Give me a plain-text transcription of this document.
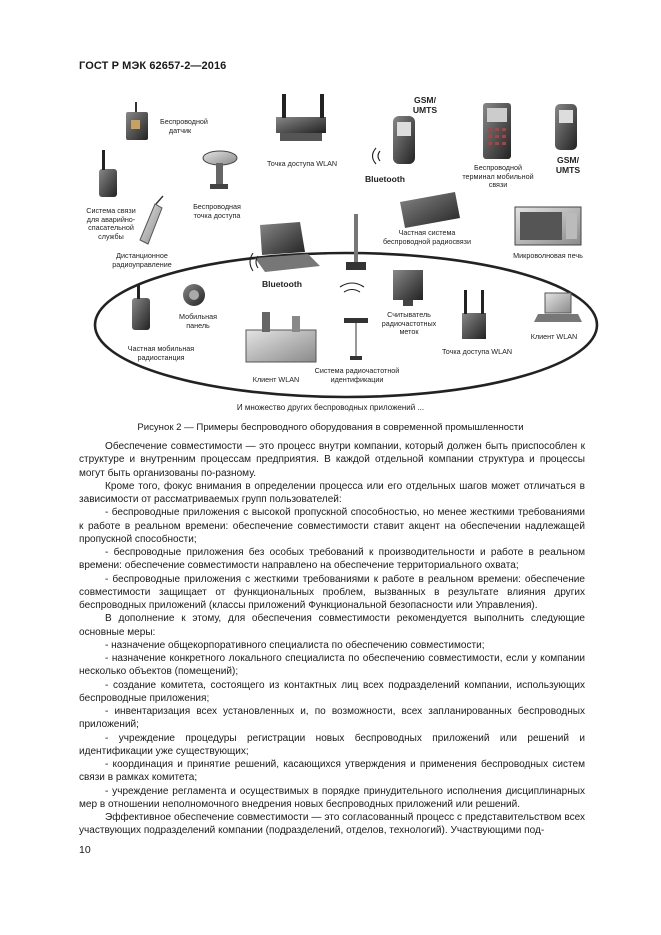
ГОСТ Р МЭК 62657-2—2016
Беспроводной датчик
Точка доступа WLAN
GSM/ UMTS
Bluetooth
Беспроводной терминал мобильной связи
GSM/ UMTS
Система связи для аварийно-спасательной службы
Беспроводная точка доступа
Частная система беспроводной радиосвязи
Дистанционное радиоуправление
Микроволновая печь
Bluetooth
Мобильная панель
Считыватель радиочастотных меток
Частная мобильная радиостанция
Точка доступа WLAN
Клиент WLAN
Клиент WLAN
Система радиочастотной идентификации
И множество других беспроводных приложений ...
Рисунок 2 — Примеры беспроводного оборудования в современной промышленности

Обеспечение совместимости — это процесс внутри компании, который должен быть приспособлен к структуре и внутренним процессам предприятия. В каждой отдельной компании структура и процессы могут быть организованы по-разному.

Кроме того, фокус внимания в определении процесса или его отдельных шагов может отличаться в зависимости от рассматриваемых групп пользователей:

- беспроводные приложения с высокой пропускной способностью, но менее жесткими требованиями к работе в реальном времени: обеспечение совместимости ставит акцент на обеспечении надлежащей пропускной способности;

- беспроводные приложения без особых требований к производительности и работе в реальном времени: обеспечение совместимости направлено на обеспечение территориального охвата;

- беспроводные приложения с жесткими требованиями к работе в реальном времени: обеспечение совместимости защищает от функциональных проблем, вызванных в результате влияния других беспроводных приложений (классы приложений Функциональной безопасности или Управления).

В дополнение к этому, для обеспечения совместимости рекомендуется выполнить следующие основные меры:

- назначение общекорпоративного специалиста по обеспечению совместимости;

- назначение конкретного локального специалиста по обеспечению совместимости, если у компании несколько объектов (помещений);

- создание комитета, состоящего из контактных лиц всех подразделений компании, использующих беспроводные приложения;

- инвентаризация всех установленных и, по возможности, всех запланированных беспроводных приложений;

- учреждение процедуры регистрации новых беспроводных приложений или решений и идентификации уже существующих;

- координация и принятие решений, касающихся утверждения и применения беспроводных систем связи в рамках комитета;

- учреждение регламента и осуществимых в порядке принудительного исполнения дисциплинарных мер в отношении неполномочного внедрения новых беспроводных приложений или решений.

Эффективное обеспечение совместимости — это согласованный процесс с представительством всех участвующих подразделений компании (подразделений, отделов, технологий). Участвующими под-

10
